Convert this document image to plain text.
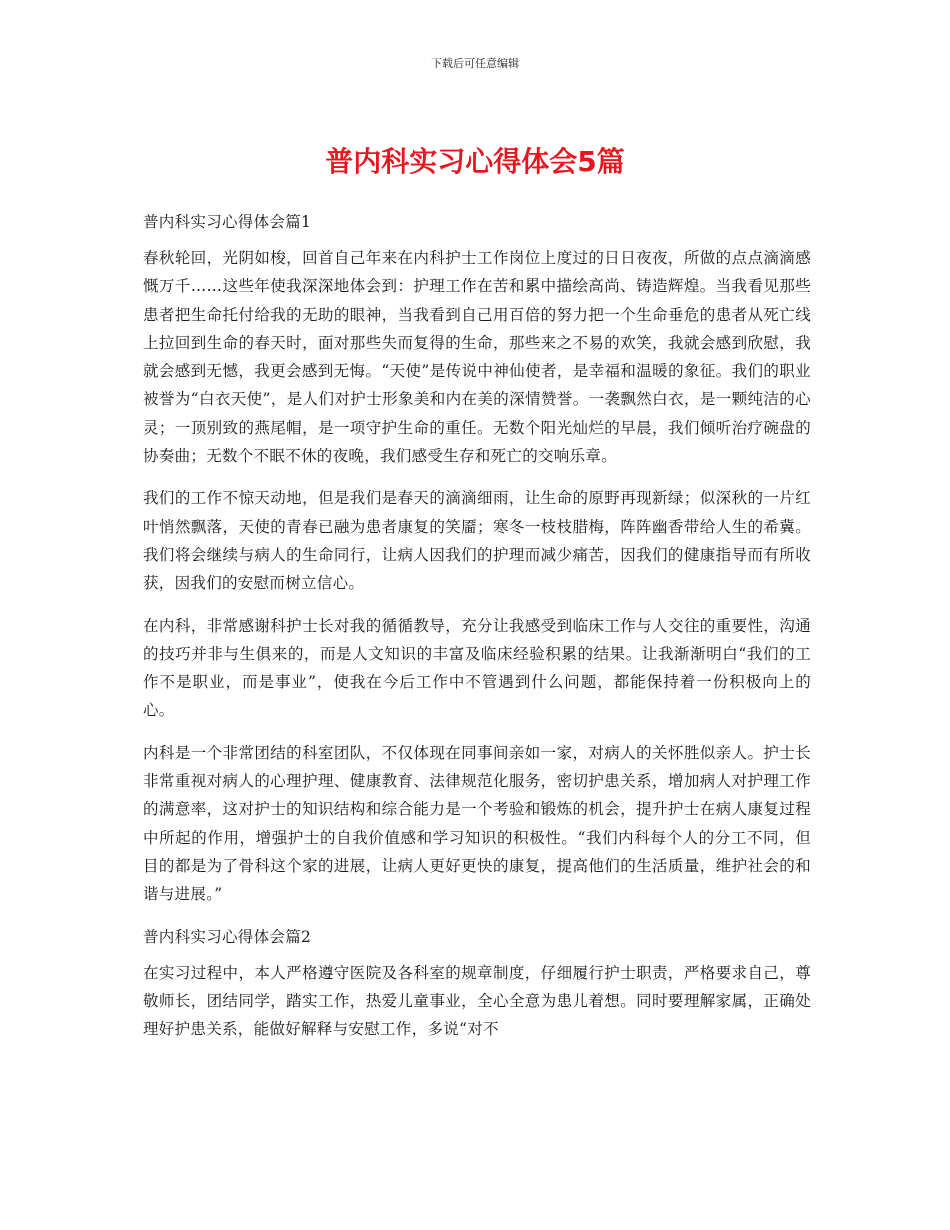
下载后可任意编辑
普内科实习心得体会5篇
普内科实习心得体会篇1

春秋轮回，光阴如梭，回首自己年来在内科护士工作岗位上度过的日日夜夜，所做的点点滴滴感慨万千……这些年使我深深地体会到：护理工作在苦和累中描绘高尚、铸造辉煌。当我看见那些患者把生命托付给我的无助的眼神，当我看到自己用百倍的努力把一个生命垂危的患者从死亡线上拉回到生命的春天时，面对那些失而复得的生命，那些来之不易的欢笑，我就会感到欣慰，我就会感到无憾，我更会感到无悔。“天使”是传说中神仙使者，是幸福和温暖的象征。我们的职业被誉为“白衣天使”，是人们对护士形象美和内在美的深情赞誉。一袭飘然白衣，是一颗纯洁的心灵；一顶别致的燕尾帽，是一项守护生命的重任。无数个阳光灿烂的早晨，我们倾听治疗碗盘的协奏曲；无数个不眠不休的夜晚，我们感受生存和死亡的交响乐章。

我们的工作不惊天动地，但是我们是春天的滴滴细雨，让生命的原野再现新绿；似深秋的一片红叶悄然飘落，天使的青春已融为患者康复的笑靥；寒冬一枝枝腊梅，阵阵幽香带给人生的希冀。我们将会继续与病人的生命同行，让病人因我们的护理而减少痛苦，因我们的健康指导而有所收获，因我们的安慰而树立信心。

在内科，非常感谢科护士长对我的循循教导，充分让我感受到临床工作与人交往的重要性，沟通的技巧并非与生俱来的，而是人文知识的丰富及临床经验积累的结果。让我渐渐明白“我们的工作不是职业，而是事业”，使我在今后工作中不管遇到什么问题，都能保持着一份积极向上的心。

内科是一个非常团结的科室团队，不仅体现在同事间亲如一家，对病人的关怀胜似亲人。护士长非常重视对病人的心理护理、健康教育、法律规范化服务，密切护患关系，增加病人对护理工作的满意率，这对护士的知识结构和综合能力是一个考验和锻炼的机会，提升护士在病人康复过程中所起的作用，增强护士的自我价值感和学习知识的积极性。“我们内科每个人的分工不同，但目的都是为了骨科这个家的进展，让病人更好更快的康复，提高他们的生活质量，维护社会的和谐与进展。”

普内科实习心得体会篇2

在实习过程中，本人严格遵守医院及各科室的规章制度，仔细履行护士职责，严格要求自己，尊敬师长，团结同学，踏实工作，热爱儿童事业，全心全意为患儿着想。同时要理解家属，正确处理好护患关系，能做好解释与安慰工作，多说“对不
